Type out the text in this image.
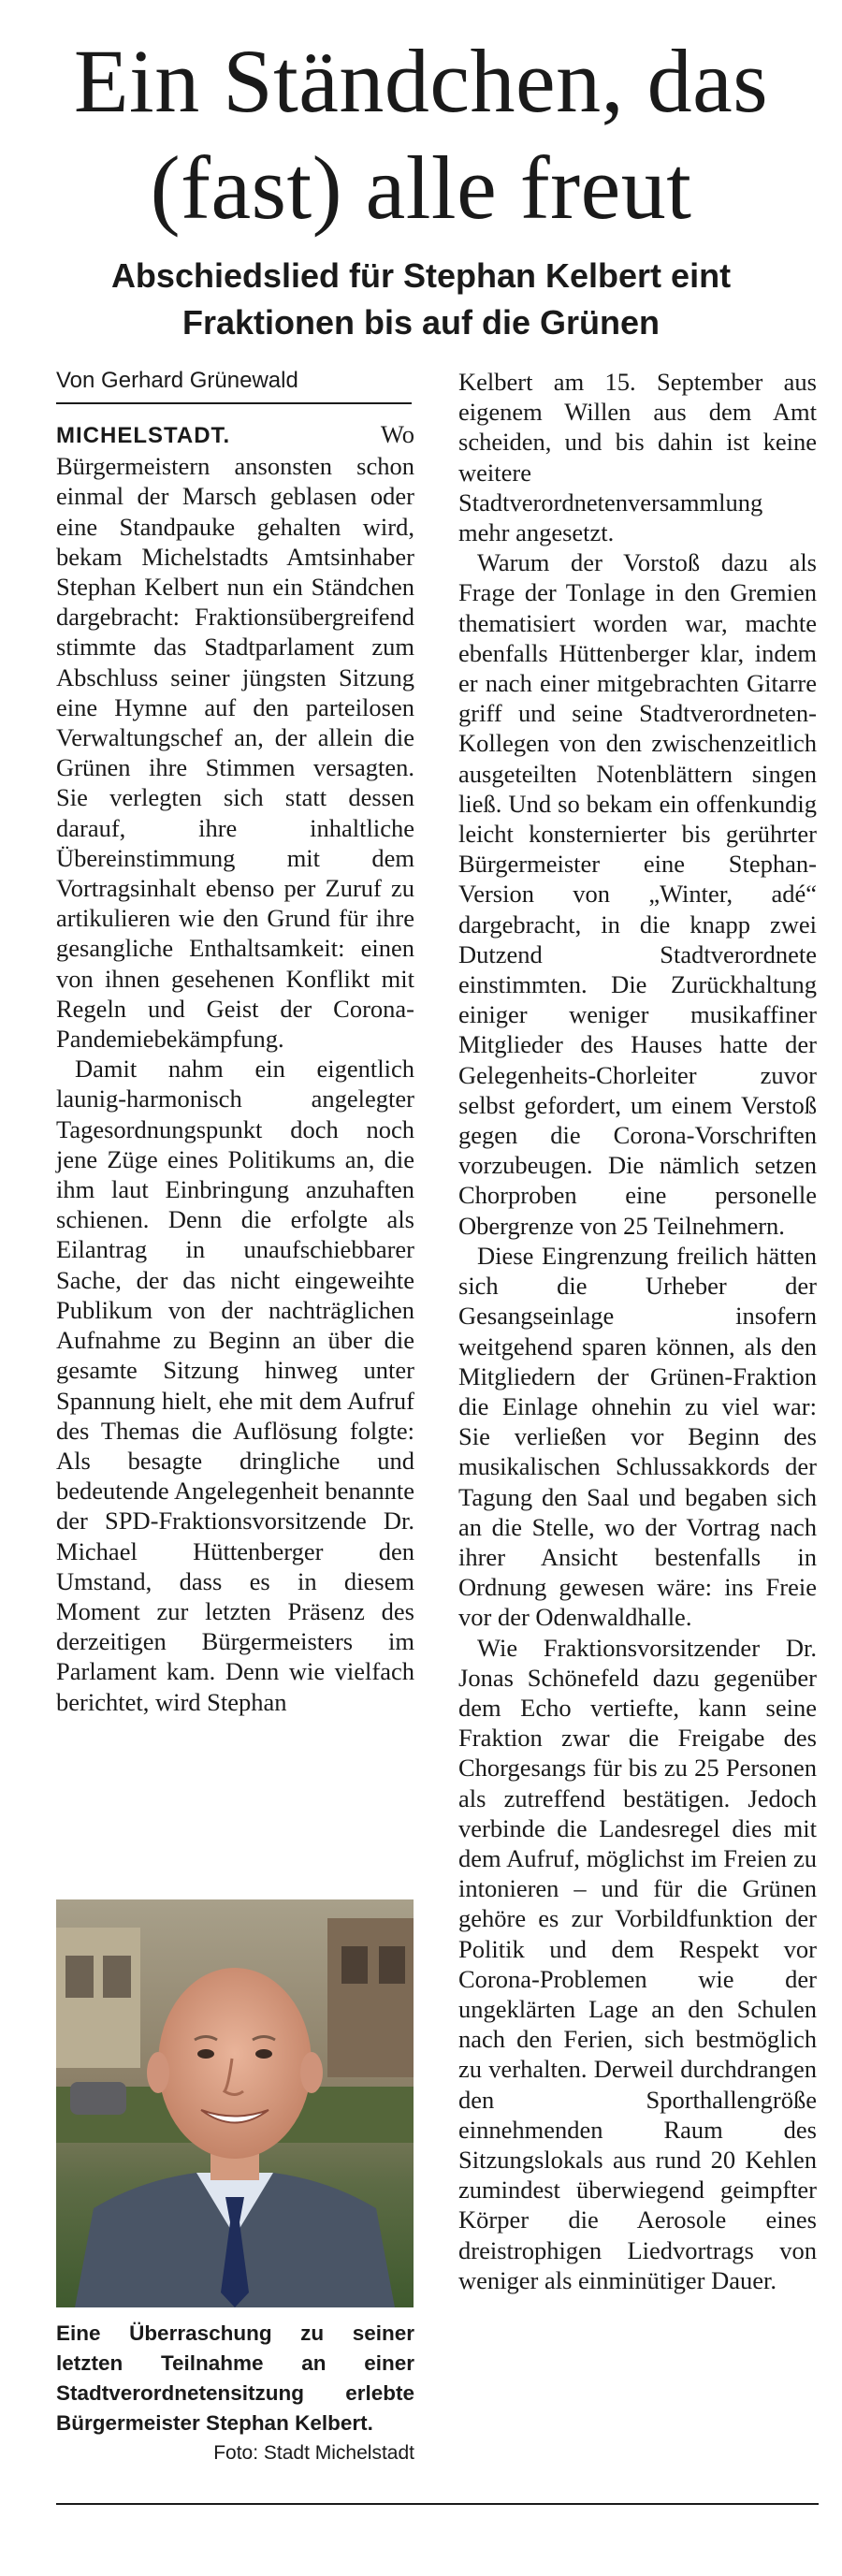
Ein Ständchen, das
(fast) alle freut
Abschiedslied für Stephan Kelbert eint
Fraktionen bis auf die Grünen
Von Gerhard Grünewald

MICHELSTADT.	Wo Bürgermeistern ansonsten schon einmal der Marsch geblasen oder eine Standpauke gehalten wird, bekam Michelstadts Amtsinhaber Stephan Kelbert nun ein Ständchen dargebracht: Fraktionsübergreifend stimmte das Stadtparlament zum Abschluss seiner jüngsten Sitzung eine Hymne auf den parteilosen Verwaltungschef an, der allein die Grünen ihre Stimmen versagten. Sie verlegten sich statt dessen darauf, ihre inhaltliche Übereinstimmung mit dem Vortragsinhalt ebenso per Zuruf zu artikulieren wie den Grund für ihre gesangliche Enthaltsamkeit: einen von ihnen gesehenen Konflikt mit Regeln und Geist der Corona-Pandemiebekämpfung.

Damit nahm ein eigentlich launig-harmonisch angelegter Tagesordnungspunkt doch noch jene Züge eines Politikums an, die ihm laut Einbringung anzuhaften schienen. Denn die erfolgte als Eilantrag in unaufschiebbarer Sache, der das nicht eingeweihte Publikum von der nachträglichen Aufnahme zu Beginn an über die gesamte Sitzung hinweg unter Spannung hielt, ehe mit dem Aufruf des Themas die Auflösung folgte: Als besagte dringliche und bedeutende Angelegenheit benannte der SPD-Fraktionsvorsitzende Dr. Michael Hüttenberger den Umstand, dass es in diesem Moment zur letzten Präsenz des derzeitigen Bürgermeisters im Parlament kam. Denn wie vielfach berichtet, wird Stephan

Eine Überraschung zu seiner letzten Teilnahme an einer Stadtverordnetensitzung erlebte Bürgermeister Stephan Kelbert.
Foto: Stadt Michelstadt

Kelbert am 15. September aus eigenem Willen aus dem Amt scheiden, und bis dahin ist keine weitere Stadtverordnetenversammlung mehr angesetzt.

Warum der Vorstoß dazu als Frage der Tonlage in den Gremien thematisiert worden war, machte ebenfalls Hüttenberger klar, indem er nach einer mitgebrachten Gitarre griff und seine Stadtverordneten-Kollegen von den zwischenzeitlich ausgeteilten Notenblättern singen ließ. Und so bekam ein offenkundig leicht konsternierter bis gerührter Bürgermeister eine Stephan-Version von „Winter, adé“ dargebracht, in die knapp zwei Dutzend Stadtverordnete einstimmten. Die Zurückhaltung einiger weniger musikaffiner Mitglieder des Hauses hatte der Gelegenheits-Chorleiter zuvor selbst gefordert, um einem Verstoß gegen die Corona-Vorschriften vorzubeugen. Die nämlich setzen Chorproben eine personelle Obergrenze von 25 Teilnehmern.

Diese Eingrenzung freilich hätten sich die Urheber der Gesangseinlage insofern weitgehend sparen können, als den Mitgliedern der Grünen-Fraktion die Einlage ohnehin zu viel war: Sie verließen vor Beginn des musikalischen Schlussakkords der Tagung den Saal und begaben sich an die Stelle, wo der Vortrag nach ihrer Ansicht bestenfalls in Ordnung gewesen wäre: ins Freie vor der Odenwaldhalle.

Wie Fraktionsvorsitzender Dr. Jonas Schönefeld dazu gegenüber dem Echo vertiefte, kann seine Fraktion zwar die Freigabe des Chorgesangs für bis zu 25 Personen als zutreffend bestätigen. Jedoch verbinde die Landesregel dies mit dem Aufruf, möglichst im Freien zu intonieren – und für die Grünen gehöre es zur Vorbildfunktion der Politik und dem Respekt vor Corona-Problemen wie der ungeklärten Lage an den Schulen nach den Ferien, sich bestmöglich zu verhalten. Derweil durchdrangen den Sporthallengröße einnehmenden Raum des Sitzungslokals aus rund 20 Kehlen zumindest überwiegend geimpfter Körper die Aerosole eines dreistrophigen Liedvortrags von weniger als einminütiger Dauer.
